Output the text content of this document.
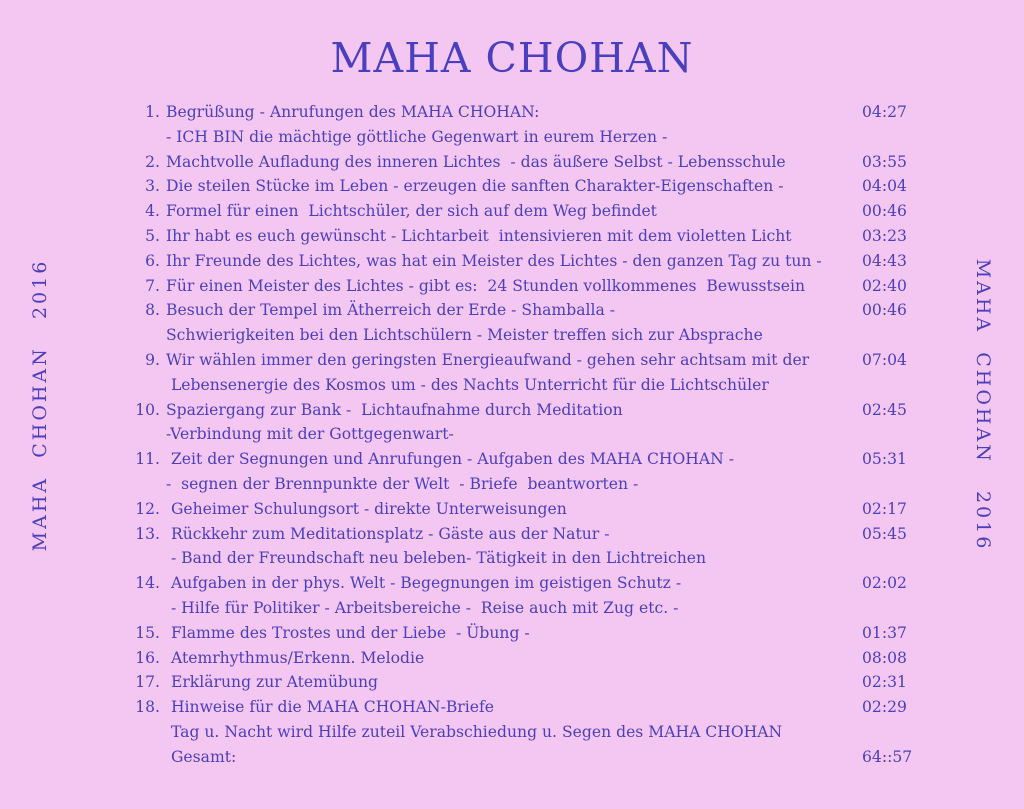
MAHA CHOHAN
MAHA  CHOHAN   2016	MAHA  CHOHAN   2016
1. Begrüßung - Anrufungen des MAHA CHOHAN:	04:27
- ICH BIN die mächtige göttliche Gegenwart in eurem Herzen -
2. Machtvolle Aufladung des inneren Lichtes  - das äußere Selbst - Lebensschule	03:55
3. Die steilen Stücke im Leben - erzeugen die sanften Charakter-Eigenschaften -	04:04
4. Formel für einen  Lichtschüler, der sich auf dem Weg befindet	00:46
5. Ihr habt es euch gewünscht - Lichtarbeit  intensivieren mit dem violetten Licht	03:23
6. Ihr Freunde des Lichtes, was hat ein Meister des Lichtes - den ganzen Tag zu tun -	04:43
7. Für einen Meister des Lichtes - gibt es:  24 Stunden vollkommenes  Bewusstsein	02:40
8. Besuch der Tempel im Ätherreich der Erde - Shamballa -	00:46
Schwierigkeiten bei den Lichtschülern - Meister treffen sich zur Absprache
9. Wir wählen immer den geringsten Energieaufwand - gehen sehr achtsam mit der	07:04
Lebensenergie des Kosmos um - des Nachts Unterricht für die Lichtschüler
10. Spaziergang zur Bank -  Lichtaufnahme durch Meditation	02:45
-Verbindung mit der Gottgegenwart-
11. Zeit der Segnungen und Anrufungen - Aufgaben des MAHA CHOHAN -	05:31
-  segnen der Brennpunkte der Welt  - Briefe  beantworten -
12. Geheimer Schulungsort - direkte Unterweisungen	02:17
13. Rückkehr zum Meditationsplatz - Gäste aus der Natur -	05:45
- Band der Freundschaft neu beleben- Tätigkeit in den Lichtreichen
14. Aufgaben in der phys. Welt - Begegnungen im geistigen Schutz -	02:02
- Hilfe für Politiker - Arbeitsbereiche -  Reise auch mit Zug etc. -
15. Flamme des Trostes und der Liebe  - Übung -	01:37
16. Atemrhythmus/Erkenn. Melodie	08:08
17. Erklärung zur Atemübung	02:31
18. Hinweise für die MAHA CHOHAN-Briefe	02:29
Tag u. Nacht wird Hilfe zuteil Verabschiedung u. Segen des MAHA CHOHAN
Gesamt:	64::57
